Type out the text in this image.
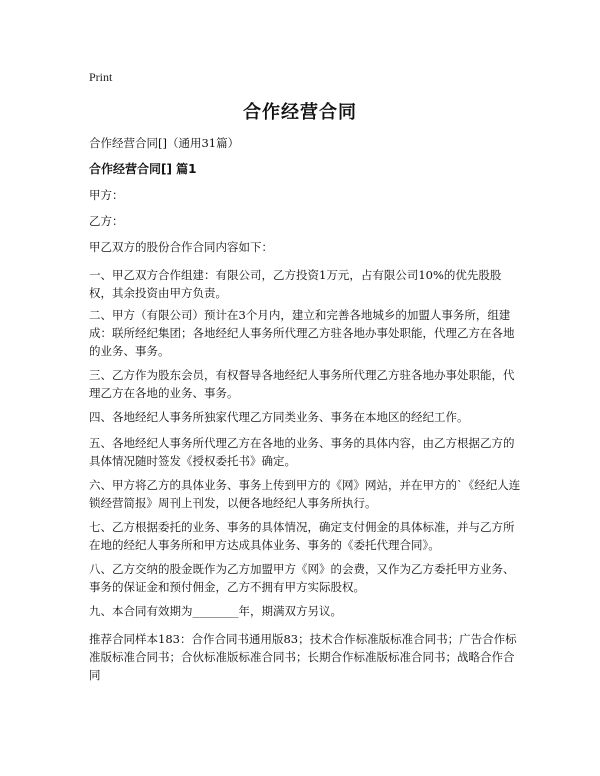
Print
合作经营合同

合作经营合同[]（通用31篇）

合作经营合同[] 篇1

甲方：

乙方：

甲乙双方的股份合作合同内容如下：

一、甲乙双方合作组建：有限公司，乙方投资1万元，占有限公司10%的优先股股权，其余投资由甲方负责。

二、甲方（有限公司）预计在3个月内，建立和完善各地城乡的加盟人事务所，组建成：联所经纪集团；各地经纪人事务所代理乙方驻各地办事处职能，代理乙方在各地的业务、事务。

三、乙方作为股东会员，有权督导各地经纪人事务所代理乙方驻各地办事处职能，代理乙方在各地的业务、事务。

四、各地经纪人事务所独家代理乙方同类业务、事务在本地区的经纪工作。

五、各地经纪人事务所代理乙方在各地的业务、事务的具体内容，由乙方根据乙方的具体情况随时签发《授权委托书》确定。

六、甲方将乙方的具体业务、事务上传到甲方的《网》网站，并在甲方的`《经纪人连锁经营简报》周刊上刊发，以便各地经纪人事务所执行。

七、乙方根据委托的业务、事务的具体情况，确定支付佣金的具体标准，并与乙方所在地的经纪人事务所和甲方达成具体业务、事务的《委托代理合同》。

八、乙方交纳的股金既作为乙方加盟甲方《网》的会费，又作为乙方委托甲方业务、事务的保证金和预付佣金，乙方不拥有甲方实际股权。

九、本合同有效期为________年，期满双方另议。

推荐合同样本183：合作合同书通用版83；技术合作标准版标准合同书；广告合作标准版标准合同书；合伙标准版标准合同书；长期合作标准版标准合同书；战略合作合同
